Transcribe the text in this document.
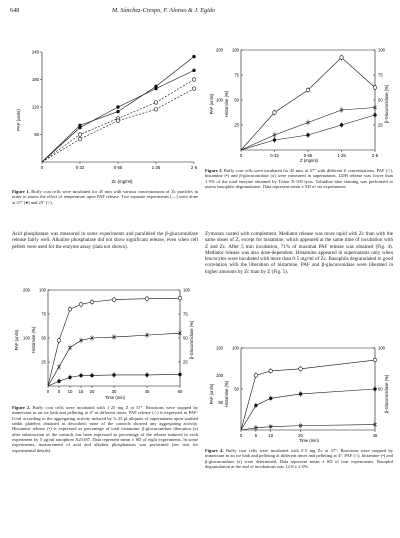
648	M. Sánchez-Crespo, F. Alonso & J. Egido
0	0·32	0·65	1·25	2·5
60
120
180
240
PAF (units)
Zc (mg/ml)
Figure 1. Buffy coat cells were incubated for 45 min with various concentrations of Zc particles in order to assess the effect of temperature upon PAF release. Two separate experiments (—) were done at 37° (●) and 25° (○).
Acid phosphatase was measured in some experiments and paralleled the β-glucuronidase release fairly well. Alkaline phosphatase did not show significant release, even when cell pellets were used for the enzyme assay (data not shown).
0 5 10 15 20	30	45	60
100
200
25
50
75
100
25
50
75
100
PAF (units)	Histamine (%)	β-Glucuronidase (%)
Time (min)
Figure 2. Buffy coat cells were incubated with 1·25 mg Z at 37°. Reactions were stopped by immersion in an ice bath and pelleting at 4° at different times. PAF release (○) is expressed in PAF-U/ml according to the aggregating activity induced by 5–25 μl aliquots of supernatants upon washed rabbit platelets obtained as described; none of the controls showed any aggregating activity. Histamine release (•) is expressed as percentage of total histamine. β-glucuronidase liberation (x) after substraction of the controls has been expressed as percentage of the release induced in each experiment by 5 μg/ml ionophore A23187. Data represent mean ± SD of eight experiments. In some experiments, measurement of acid and alkaline phosphatases was performed (see text for experimental details).
0	0·32	0·65	1·25	2·5
100
200
25
50
75
100
25
50
75
100
PAF (units) Histamine (%)	β-Glucuronidase (%)
Z (mg/ml)
Figure 3. Buffy coat cells were incubated for 45 min, at 37° with different Z concentrations. PAF (○), histamine (•) and β-glucuronidase (x) were measured in supernatants. LDH release was lower than 1·5% of the total enzyme obtained by Triton X-100 lysis. Toluidine blue staining was performed to assess basophils degranulation. Data represent mean ± SD of six experiments.
Zymosan coated with complement. Mediator release was more rapid with Zc than with the same doses of Z, except for histamine, which appeared at the same time of incubation with Z and Zc. After 5 min incubation, 71% of maximal PAF release was obtained (Fig. 4). Mediator release was also dose-dependent. Histamine appeared in supernatants only when leucocytes were incubated with more than 0·5 mg/ml of Zc. Basophils degranulated in good correlation with the liberation of histamine, PAF and β-glucuronidase were liberated in higher amounts by Zc than by Z (Fig. 5).
0	5	10	20	45
50
100
150
50
100
50
100
PAF (units) Histamine (%)	β-Glucuronidase (%)
Time (min)
Figure 4. Buffy coat cells were incubated with 0·5 mg Zc at 37°. Reactions were stopped by immersion in an ice bath and pelleting at different times and pelleting at 4°. PAF (○), histamine (•) and β-glucuronidase (x) were determined. Data represent mean ± SD of four experiments. Basophil degranulation at the end of incubations was 14·8 ± 2·0%.
